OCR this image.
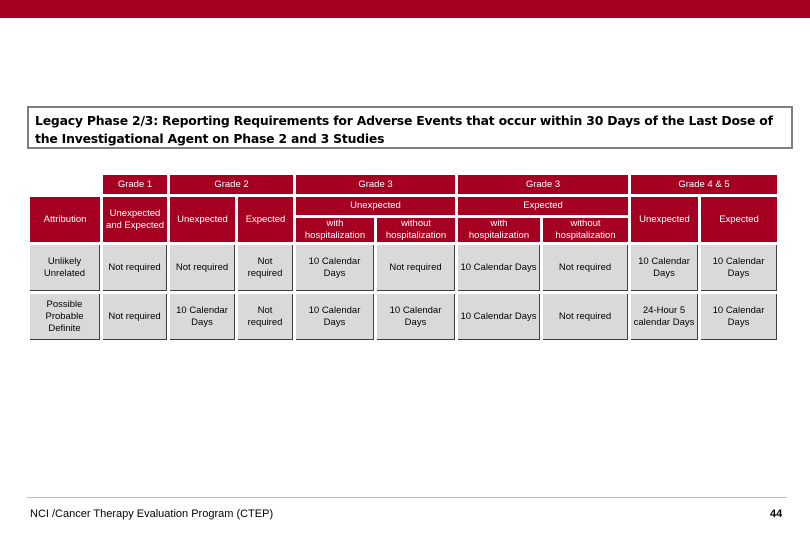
Legacy Phase 2/3: Reporting Requirements for Adverse Events that occur within 30 Days of the Last Dose of the Investigational Agent on Phase 2 and 3 Studies
	Grade 1	Grade 2		Grade 3		Grade 3		Grade 4 & 5	
Attribution	Unexpected and Expected	Unexpected	Expected	Unexpected		Expected		Unexpected	Expected
				with hospitalization	without hospitalization	with hospitalization	without hospitalization		
Unlikely Unrelated	Not required	Not required	Not required	10 Calendar Days	Not required	10 Calendar Days	Not required	10 Calendar Days	10 Calendar Days
Possible Probable Definite	Not required	10 Calendar Days	Not required	10 Calendar Days	10 Calendar Days	10 Calendar Days	Not required	24-Hour 5 calendar Days	10 Calendar Days
NCI /Cancer Therapy Evaluation Program (CTEP)	44
